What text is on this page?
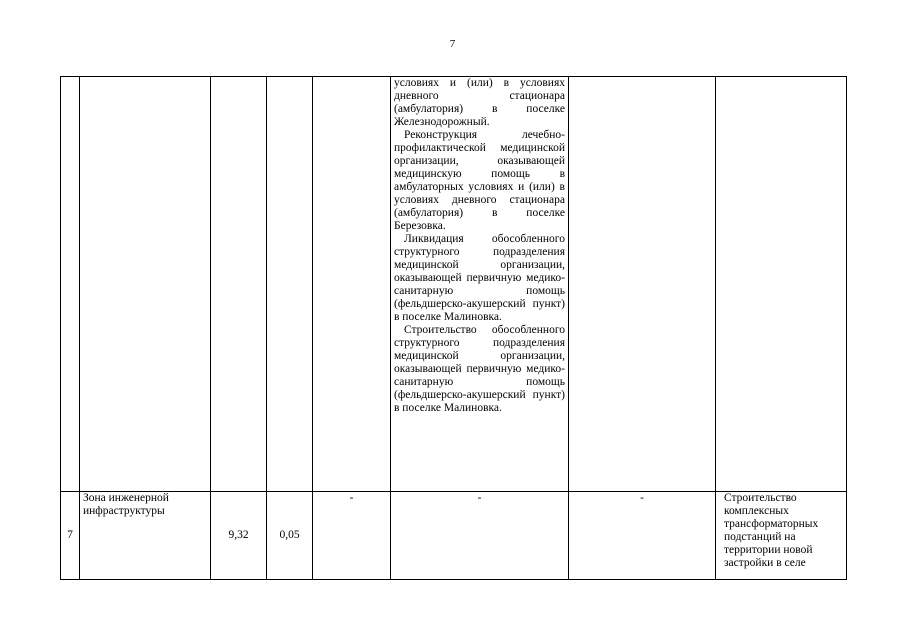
7

					условиях и (или) в условиях дневного стационара (амбулатория) в поселке Железнодорожный.

Реконструкция лечебно-профилактической медицинской организации, оказывающей медицинскую помощь в амбулаторных условиях и (или) в условиях дневного стационара (амбулатория) в поселке Березовка.

Ликвидация обособленного структурного подразделения медицинской организации, оказывающей первичную медико-санитарную помощь (фельдшерско-акушерский пункт) в поселке Малиновка.

Строительство обособленного структурного подразделения медицинской организации, оказывающей первичную медико-санитарную помощь (фельдшерско-акушерский пункт) в поселке Малиновка.		

7	Зона инженерной инфраструктуры	9,32	0,05	-	-	-	Строительство комплексных трансформаторных подстанций на территории новой застройки в селе
